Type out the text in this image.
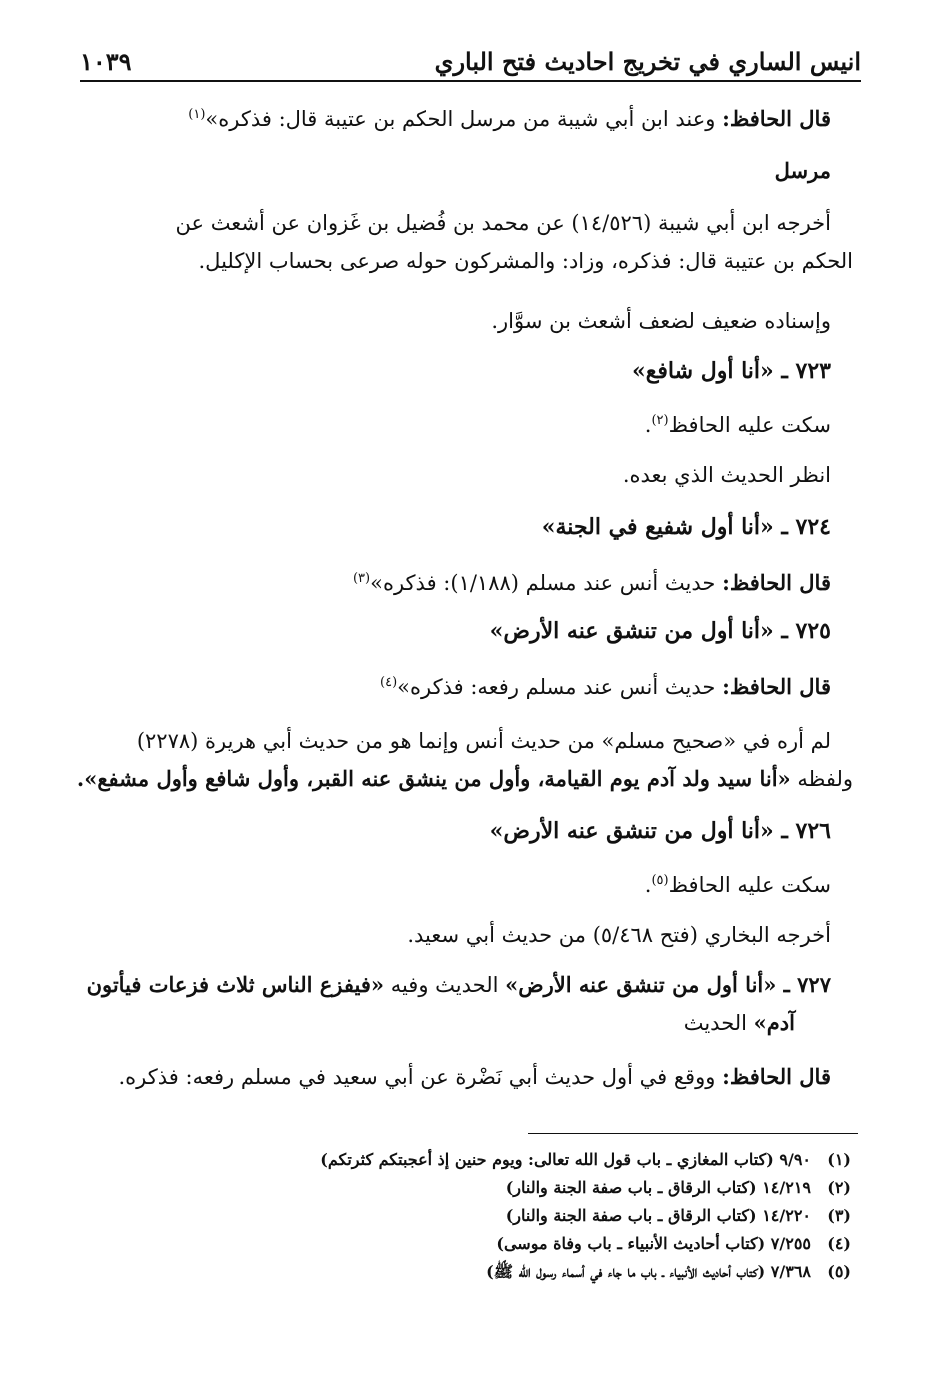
انيس الساري في تخريج احاديث فتح الباري
١٠٣٩
قال الحافظ: وعند ابن أبي شيبة من مرسل الحكم بن عتيبة قال: فذكره»$^{(١)}$
مرسل
أخرجه ابن أبي شيبة (١٤/٥٢٦) عن محمد بن فُضيل بن غَزوان عن أشعث عن
الحكم بن عتيبة قال: فذكره، وزاد: والمشركون حوله صرعى بحساب الإكليل.
وإسناده ضعيف لضعف أشعث بن سوَّار.
٧٢٣ ـ «أنا أول شافع»
سكت عليه الحافظ$^{(٢)}$.
انظر الحديث الذي بعده.
٧٢٤ ـ «أنا أول شفيع في الجنة»
قال الحافظ: حديث أنس عند مسلم (١/١٨٨): فذكره»$^{(٣)}$
٧٢٥ ـ «أنا أول من تنشق عنه الأرض»
قال الحافظ: حديث أنس عند مسلم رفعه: فذكره»$^{(٤)}$
لم أره في «صحيح مسلم» من حديث أنس وإنما هو من حديث أبي هريرة (٢٢٧٨)
ولفظه «أنا سيد ولد آدم يوم القيامة، وأول من ينشق عنه القبر، وأول شافع وأول مشفع».
٧٢٦ ـ «أنا أول من تنشق عنه الأرض»
سكت عليه الحافظ$^{(٥)}$.
أخرجه البخاري (فتح ٥/٤٦٨) من حديث أبي سعيد.
٧٢٧ ـ «أنا أول من تنشق عنه الأرض» الحديث وفيه «فيفزع الناس ثلاث فزعات فيأتون
آدم» الحديث
قال الحافظ: ووقع في أول حديث أبي نَضْرة عن أبي سعيد في مسلم رفعه: فذكره.
(١)٩/٩٠ (كتاب المغازي ـ باب قول الله تعالى: ويوم حنين إذ أعجبتكم كثرتكم)
(٢)١٤/٢١٩ (كتاب الرقاق ـ باب صفة الجنة والنار)
(٣)١٤/٢٢٠ (كتاب الرقاق ـ باب صفة الجنة والنار)
(٤)٧/٢٥٥ (كتاب أحاديث الأنبياء ـ باب وفاة موسى)
(٥)٧/٣٦٨ (كتاب أحاديث الأنبياء ـ باب ما جاء في أسماء رسول الله ﷺ)
